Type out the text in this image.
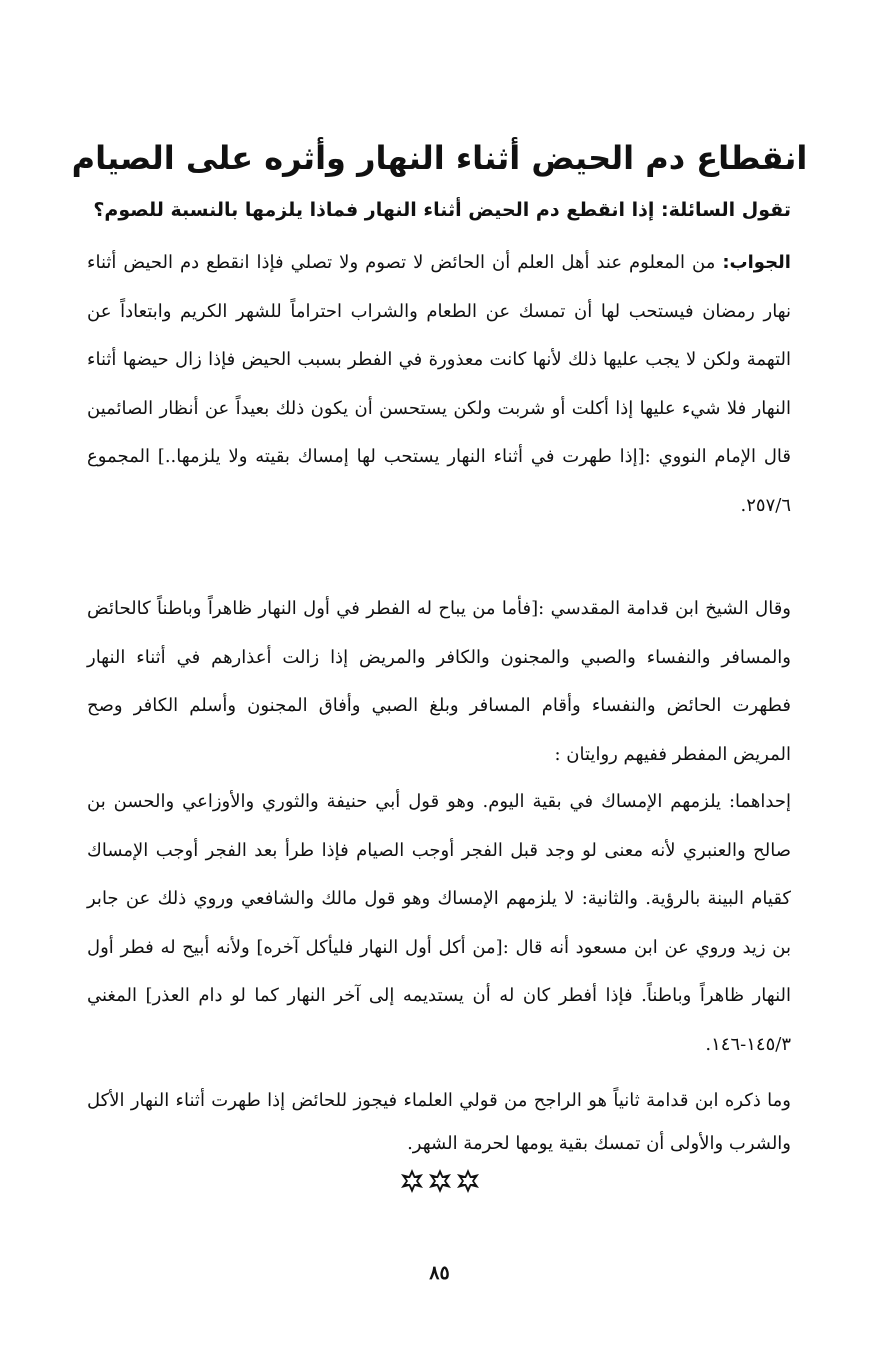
انقطاع دم الحيض أثناء النهار وأثره على الصيام

تقول السائلة: إذا انقطع دم الحيض أثناء النهار فماذا يلزمها بالنسبة للصوم؟

الجواب: من المعلوم عند أهل العلم أن الحائض لا تصوم ولا تصلي فإذا انقطع دم الحيض أثناء نهار رمضان فيستحب لها أن تمسك عن الطعام والشراب احتراماً للشهر الكريم وابتعاداً عن التهمة ولكن لا يجب عليها ذلك لأنها كانت معذورة في الفطر بسبب الحيض فإذا زال حيضها أثناء النهار فلا شيء عليها إذا أكلت أو شربت ولكن يستحسن أن يكون ذلك بعيداً عن أنظار الصائمين قال الإمام النووي :[إذا طهرت في أثناء النهار يستحب لها إمساك بقيته ولا يلزمها..] المجموع ٢٥٧/٦.

وقال الشيخ ابن قدامة المقدسي :[فأما من يباح له الفطر في أول النهار ظاهراً وباطناً كالحائض والمسافر والنفساء والصبي والمجنون والكافر والمريض إذا زالت أعذارهم في أثناء النهار فطهرت الحائض والنفساء وأقام المسافر وبلغ الصبي وأفاق المجنون وأسلم الكافر وصح المريض المفطر ففيهم روايتان :

إحداهما: يلزمهم الإمساك في بقية اليوم. وهو قول أبي حنيفة والثوري والأوزاعي والحسن بن صالح والعنبري لأنه معنى لو وجد قبل الفجر أوجب الصيام فإذا طرأ بعد الفجر أوجب الإمساك كقيام البينة بالرؤية. والثانية: لا يلزمهم الإمساك وهو قول مالك والشافعي وروي ذلك عن جابر بن زيد وروي عن ابن مسعود أنه قال :[من أكل أول النهار فليأكل آخره] ولأنه أبيح له فطر أول النهار ظاهراً وباطناً. فإذا أفطر كان له أن يستديمه إلى آخر النهار كما لو دام العذر] المغني ١٤٥/٣-١٤٦.

وما ذكره ابن قدامة ثانياً هو الراجح من قولي العلماء فيجوز للحائض إذا طهرت أثناء النهار الأكل والشرب والأولى أن تمسك بقية يومها لحرمة الشهر.

٨٥
